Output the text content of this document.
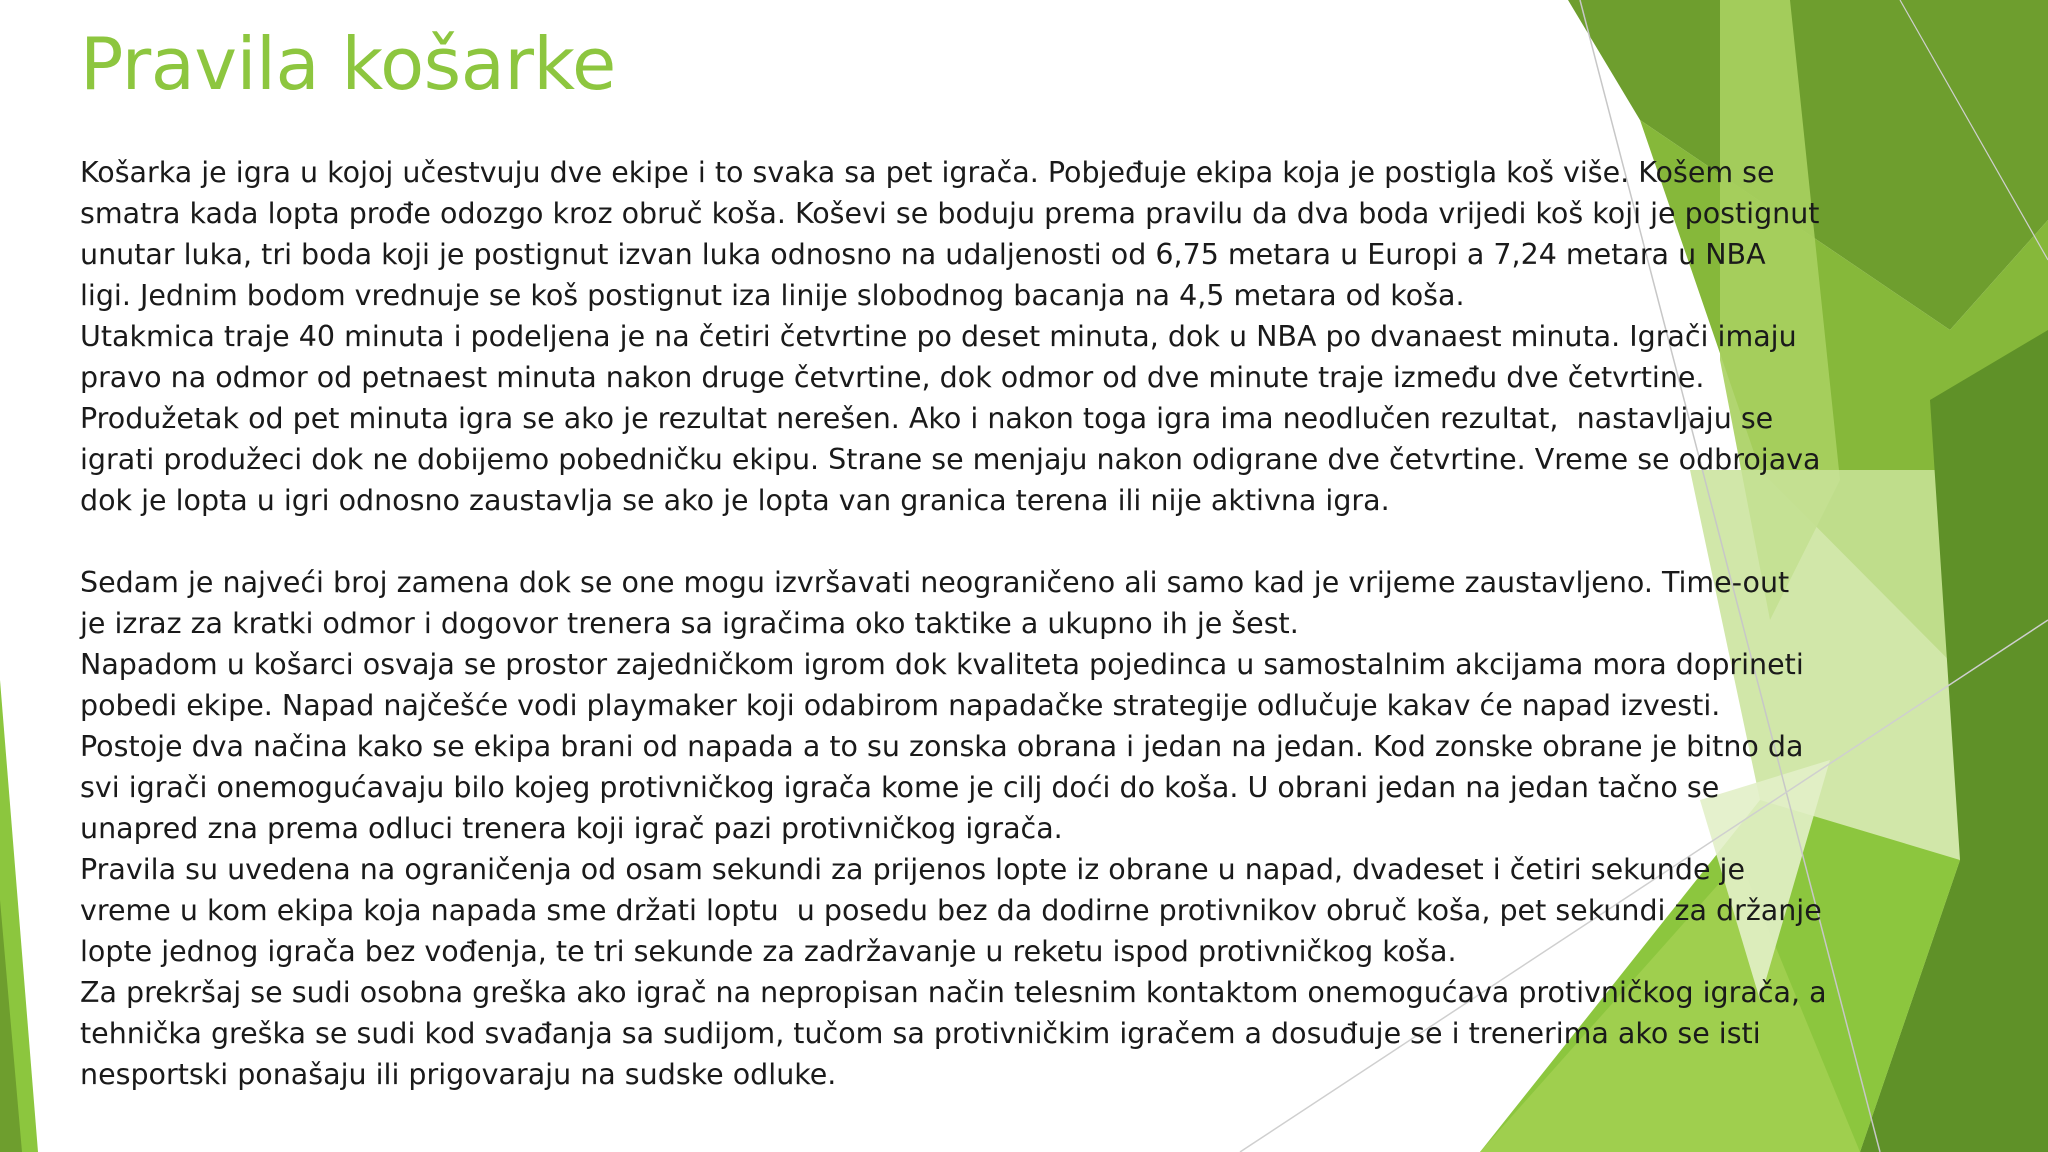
Pravila košarke
Košarka je igra u kojoj učestvuju dve ekipe i to svaka sa pet igrača. Pobjeđuje ekipa koja je postigla koš više. Košem se
smatra kada lopta prođe odozgo kroz obruč koša. Koševi se boduju prema pravilu da dva boda vrijedi koš koji je postignut
unutar luka, tri boda koji je postignut izvan luka odnosno na udaljenosti od 6,75 metara u Europi a 7,24 metara u NBA
ligi. Jednim bodom vrednuje se koš postignut iza linije slobodnog bacanja na 4,5 metara od koša.
Utakmica traje 40 minuta i podeljena je na četiri četvrtine po deset minuta, dok u NBA po dvanaest minuta. Igrači imaju
pravo na odmor od petnaest minuta nakon druge četvrtine, dok odmor od dve minute traje između dve četvrtine.
Produžetak od pet minuta igra se ako je rezultat nerešen. Ako i nakon toga igra ima neodlučen rezultat,  nastavljaju se
igrati produžeci dok ne dobijemo pobedničku ekipu. Strane se menjaju nakon odigrane dve četvrtine. Vreme se odbrojava
dok je lopta u igri odnosno zaustavlja se ako je lopta van granica terena ili nije aktivna igra.
Sedam je najveći broj zamena dok se one mogu izvršavati neograničeno ali samo kad je vrijeme zaustavljeno. Time-out
je izraz za kratki odmor i dogovor trenera sa igračima oko taktike a ukupno ih je šest.
Napadom u košarci osvaja se prostor zajedničkom igrom dok kvaliteta pojedinca u samostalnim akcijama mora doprineti
pobedi ekipe. Napad najčešće vodi playmaker koji odabirom napadačke strategije odlučuje kakav će napad izvesti.
Postoje dva načina kako se ekipa brani od napada a to su zonska obrana i jedan na jedan. Kod zonske obrane je bitno da
svi igrači onemogućavaju bilo kojeg protivničkog igrača kome je cilj doći do koša. U obrani jedan na jedan tačno se
unapred zna prema odluci trenera koji igrač pazi protivničkog igrača.
Pravila su uvedena na ograničenja od osam sekundi za prijenos lopte iz obrane u napad, dvadeset i četiri sekunde je
vreme u kom ekipa koja napada sme držati loptu  u posedu bez da dodirne protivnikov obruč koša, pet sekundi za držanje
lopte jednog igrača bez vođenja, te tri sekunde za zadržavanje u reketu ispod protivničkog koša.
Za prekršaj se sudi osobna greška ako igrač na nepropisan način telesnim kontaktom onemogućava protivničkog igrača, a
tehnička greška se sudi kod svađanja sa sudijom, tučom sa protivničkim igračem a dosuđuje se i trenerima ako se isti
nesportski ponašaju ili prigovaraju na sudske odluke.
